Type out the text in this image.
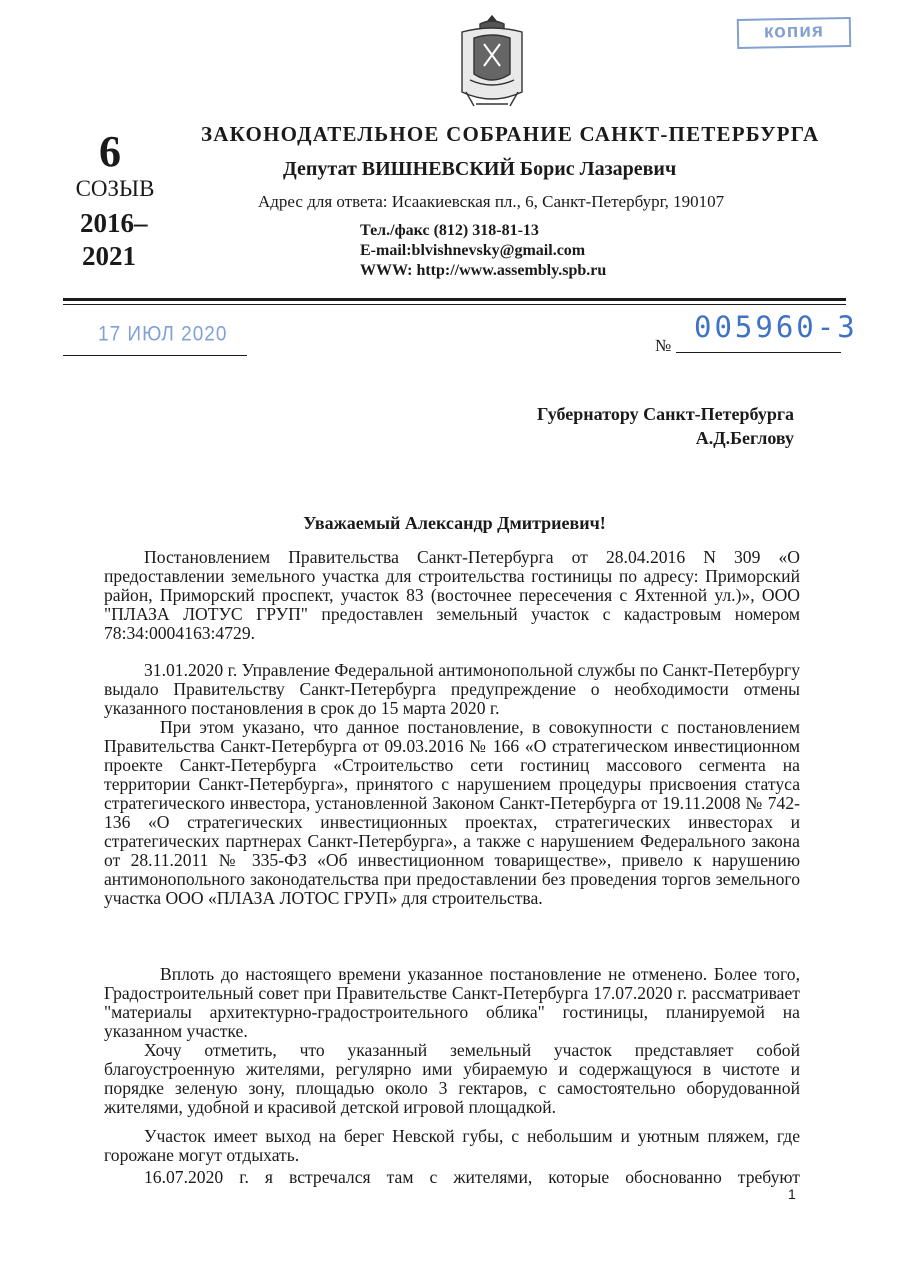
копия
6
СОЗЫВ
2016–
2021
ЗАКОНОДАТЕЛЬНОЕ СОБРАНИЕ САНКТ-ПЕТЕРБУРГА
Депутат ВИШНЕВСКИЙ Борис Лазаревич
Адрес для ответа: Исаакиевская пл., 6, Санкт-Петербург, 190107
Тел./факс (812) 318-81-13
E-mail:blvishnevsky@gmail.com
WWW: http://www.assembly.spb.ru
17 ИЮЛ 2020	005960-3
№
Губернатору Санкт-Петербурга
А.Д.Беглову
Уважаемый Александр Дмитриевич!
Постановлением Правительства Санкт-Петербурга от 28.04.2016 N 309 «О предоставлении земельного участка для строительства гостиницы по адресу: Приморский район, Приморский проспект, участок 83 (восточнее пересечения с Яхтенной ул.)», ООО "ПЛАЗА ЛОТУС ГРУП" предоставлен земельный участок с кадастровым номером 78:34:0004163:4729.
31.01.2020 г. Управление Федеральной антимонопольной службы по Санкт-Петербургу выдало Правительству Санкт-Петербурга предупреждение о необходимости отмены указанного постановления в срок до 15 марта 2020 г.
При этом указано, что данное постановление, в совокупности с постановлением Правительства Санкт-Петербурга от 09.03.2016 № 166 «О стратегическом инвестиционном проекте Санкт-Петербурга «Строительство сети гостиниц массового сегмента на территории Санкт-Петербурга», принятого с нарушением процедуры присвоения статуса стратегического инвестора, установленной Законом Санкт-Петербурга от 19.11.2008 № 742-136 «О стратегических инвестиционных проектах, стратегических инвесторах и стратегических партнерах Санкт-Петербурга», а также с нарушением Федерального закона от 28.11.2011 № 335-ФЗ «Об инвестиционном товариществе», привело к нарушению антимонопольного законодательства при предоставлении без проведения торгов земельного участка ООО «ПЛАЗА ЛОТОС ГРУП» для строительства.
Вплоть до настоящего времени указанное постановление не отменено. Более того, Градостроительный совет при Правительстве Санкт-Петербурга 17.07.2020 г. рассматривает "материалы архитектурно-градостроительного облика" гостиницы, планируемой на указанном участке.
Хочу отметить, что указанный земельный участок представляет собой благоустроенную жителями, регулярно ими убираемую и содержащуюся в чистоте и порядке зеленую зону, площадью около 3 гектаров, с самостоятельно оборудованной жителями, удобной и красивой детской игровой площадкой.
Участок имеет выход на берег Невской губы, с небольшим и уютным пляжем, где горожане могут отдыхать.
16.07.2020 г. я встречался там с жителями, которые обоснованно требуют
1
